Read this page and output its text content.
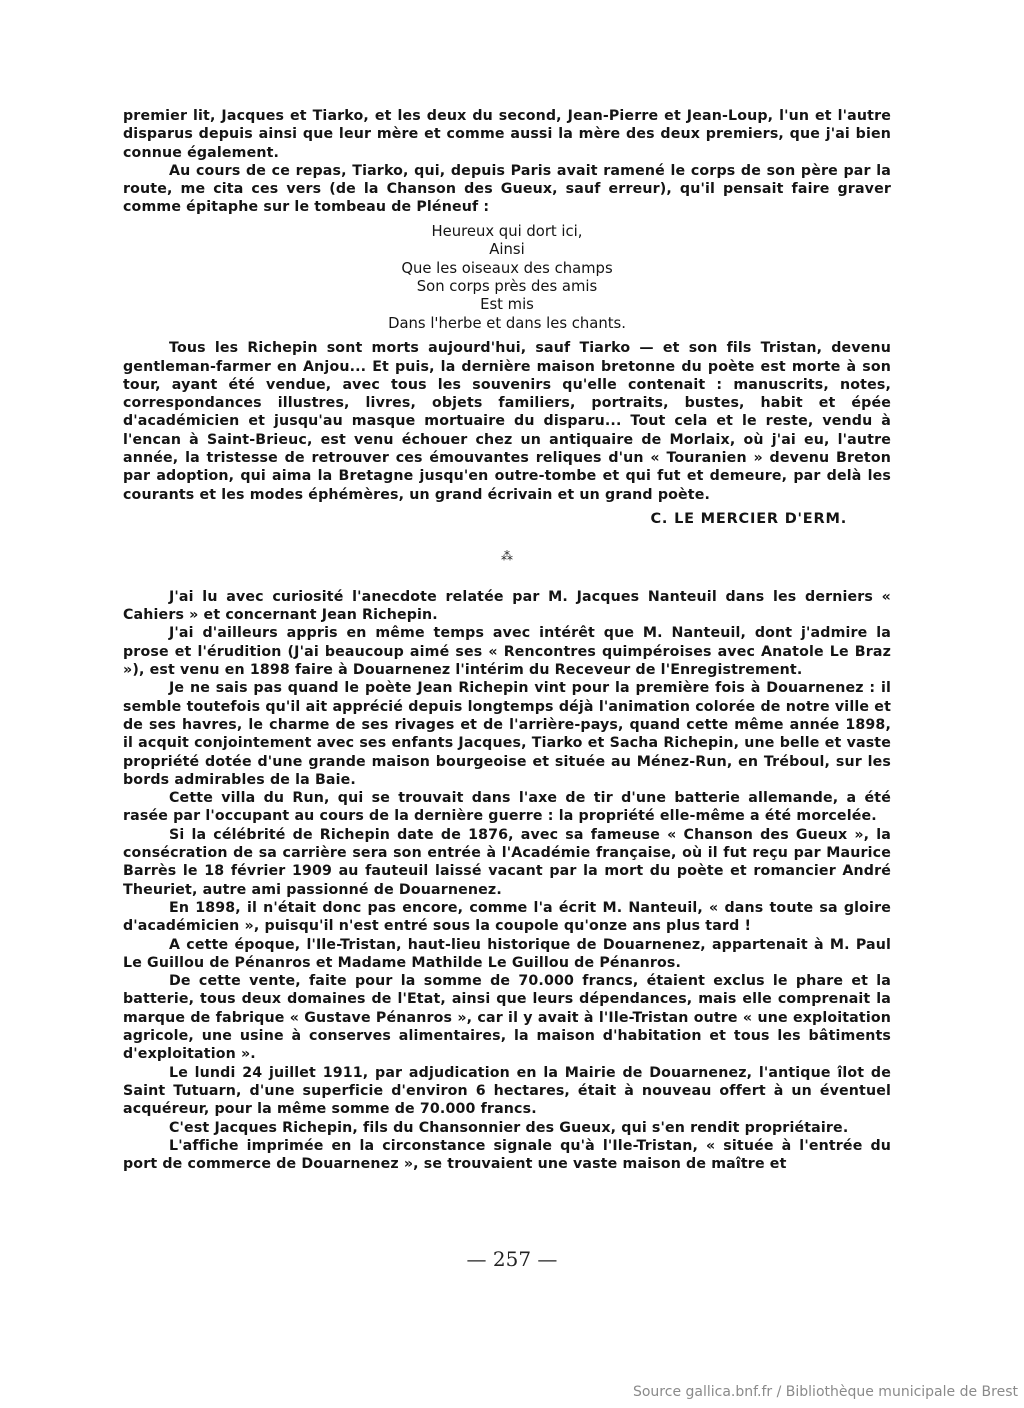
premier lit, Jacques et Tiarko, et les deux du second, Jean-Pierre et Jean-Loup, l'un et l'autre disparus depuis ainsi que leur mère et comme aussi la mère des deux premiers, que j'ai bien connue également.

Au cours de ce repas, Tiarko, qui, depuis Paris avait ramené le corps de son père par la route, me cita ces vers (de la Chanson des Gueux, sauf erreur), qu'il pensait faire graver comme épitaphe sur le tombeau de Pléneuf :

Heureux qui dort ici,
Ainsi
Que les oiseaux des champs
Son corps près des amis
Est mis
Dans l'herbe et dans les chants.

Tous les Richepin sont morts aujourd'hui, sauf Tiarko — et son fils Tristan, devenu gentleman-farmer en Anjou... Et puis, la dernière maison bretonne du poète est morte à son tour, ayant été vendue, avec tous les souvenirs qu'elle contenait : manuscrits, notes, correspondances illustres, livres, objets familiers, portraits, bustes, habit et épée d'académicien et jusqu'au masque mortuaire du disparu... Tout cela et le reste, vendu à l'encan à Saint-Brieuc, est venu échouer chez un antiquaire de Morlaix, où j'ai eu, l'autre année, la tristesse de retrouver ces émouvantes reliques d'un « Touranien » devenu Breton par adoption, qui aima la Bretagne jusqu'en outre-tombe et qui fut et demeure, par delà les courants et les modes éphémères, un grand écrivain et un grand poète.

C. LE MERCIER D'ERM.
⁂

J'ai lu avec curiosité l'anecdote relatée par M. Jacques Nanteuil dans les derniers « Cahiers » et concernant Jean Richepin.

J'ai d'ailleurs appris en même temps avec intérêt que M. Nanteuil, dont j'admire la prose et l'érudition (J'ai beaucoup aimé ses « Rencontres quimpéroises avec Anatole Le Braz »), est venu en 1898 faire à Douarnenez l'intérim du Receveur de l'Enregistrement.

Je ne sais pas quand le poète Jean Richepin vint pour la première fois à Douarnenez : il semble toutefois qu'il ait apprécié depuis longtemps déjà l'animation colorée de notre ville et de ses havres, le charme de ses rivages et de l'arrière-pays, quand cette même année 1898, il acquit conjointement avec ses enfants Jacques, Tiarko et Sacha Richepin, une belle et vaste propriété dotée d'une grande maison bourgeoise et située au Ménez-Run, en Tréboul, sur les bords admirables de la Baie.

Cette villa du Run, qui se trouvait dans l'axe de tir d'une batterie allemande, a été rasée par l'occupant au cours de la dernière guerre : la propriété elle-même a été morcelée.

Si la célébrité de Richepin date de 1876, avec sa fameuse « Chanson des Gueux », la consécration de sa carrière sera son entrée à l'Académie française, où il fut reçu par Maurice Barrès le 18 février 1909 au fauteuil laissé vacant par la mort du poète et romancier André Theuriet, autre ami passionné de Douarnenez.

En 1898, il n'était donc pas encore, comme l'a écrit M. Nanteuil, « dans toute sa gloire d'académicien », puisqu'il n'est entré sous la coupole qu'onze ans plus tard !

A cette époque, l'Ile-Tristan, haut-lieu historique de Douarnenez, appartenait à M. Paul Le Guillou de Pénanros et Madame Mathilde Le Guillou de Pénanros.

De cette vente, faite pour la somme de 70.000 francs, étaient exclus le phare et la batterie, tous deux domaines de l'Etat, ainsi que leurs dépendances, mais elle comprenait la marque de fabrique « Gustave Pénanros », car il y avait à l'Ile-Tristan outre « une exploitation agricole, une usine à conserves alimentaires, la maison d'habitation et tous les bâtiments d'exploitation ».

Le lundi 24 juillet 1911, par adjudication en la Mairie de Douarnenez, l'antique îlot de Saint Tutuarn, d'une superficie d'environ 6 hectares, était à nouveau offert à un éventuel acquéreur, pour la même somme de 70.000 francs.

C'est Jacques Richepin, fils du Chansonnier des Gueux, qui s'en rendit propriétaire.

L'affiche imprimée en la circonstance signale qu'à l'Ile-Tristan, « située à l'entrée du port de commerce de Douarnenez », se trouvaient une vaste maison de maître et

— 257 —
Source gallica.bnf.fr / Bibliothèque municipale de Brest
